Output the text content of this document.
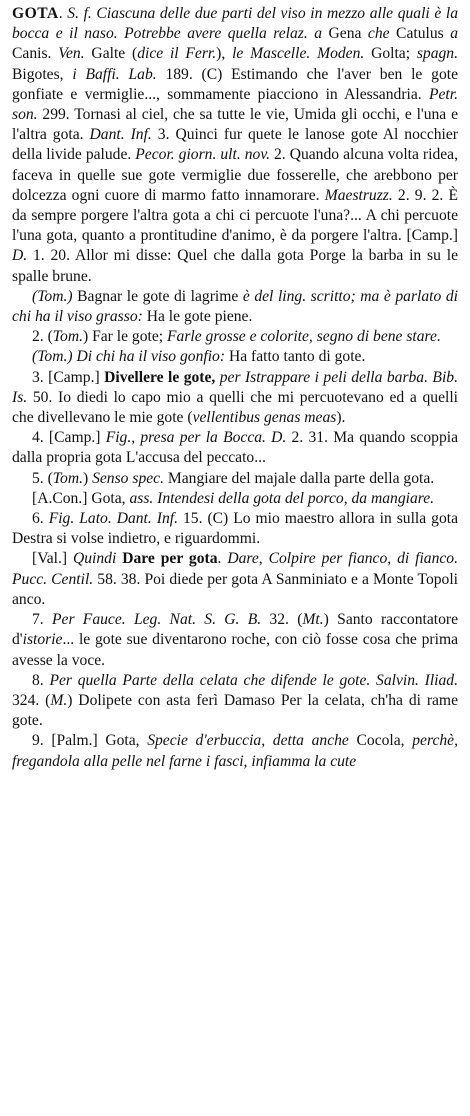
GOTA. S. f. Ciascuna delle due parti del viso in mezzo alle quali è la bocca e il naso. Potrebbe avere quella relaz. a Gena che Catulus a Canis. Ven. Galte (dice il Ferr.), le Mascelle. Moden. Golta; spagn. Bigotes, i Baffi. Lab. 189. (C) Estimando che l'aver ben le gote gonfiate e vermiglie..., sommamente piacciono in Alessandria. Petr. son. 299. Tornasi al ciel, che sa tutte le vie, Umida gli occhi, e l'una e l'altra gota. Dant. Inf. 3. Quinci fur quete le lanose gote Al nocchier della livide palude. Pecor. giorn. ult. nov. 2. Quando alcuna volta ridea, faceva in quelle sue gote vermiglie due fosserelle, che arebbono per dolcezza ogni cuore di marmo fatto innamorare. Maestruzz. 2. 9. 2. È da sempre porgere l'altra gota a chi ci percuote l'una?... A chi percuote l'una gota, quanto a prontitudine d'animo, è da porgere l'altra. [Camp.] D. 1. 20. Allor mi disse: Quel che dalla gota Porge la barba in su le spalle brune.

(Tom.) Bagnar le gote di lagrime è del ling. scritto; ma è parlato di chi ha il viso grasso: Ha le gote piene.

2. (Tom.) Far le gote; Farle grosse e colorite, segno di bene stare.

(Tom.) Di chi ha il viso gonfio: Ha fatto tanto di gote.

3. [Camp.] Divellere le gote, per Istrappare i peli della barba. Bib. Is. 50. Io diedi lo capo mio a quelli che mi percuotevano ed a quelli che divellevano le mie gote (vellentibus genas meas).

4. [Camp.] Fig., presa per la Bocca. D. 2. 31. Ma quando scoppia dalla propria gota L'accusa del peccato...

5. (Tom.) Senso spec. Mangiare del majale dalla parte della gota.

[A.Con.] Gota, ass. Intendesi della gota del porco, da mangiare.

6. Fig. Lato. Dant. Inf. 15. (C) Lo mio maestro allora in sulla gota Destra si volse indietro, e riguardommi.

[Val.] Quindi Dare per gota. Dare, Colpire per fianco, di fianco. Pucc. Centil. 58. 38. Poi diede per gota A Sanminiato e a Monte Topoli anco.

7. Per Fauce. Leg. Nat. S. G. B. 32. (Mt.) Santo raccontatore d'istorie... le gote sue diventarono roche, con ciò fosse cosa che prima avesse la voce.

8. Per quella Parte della celata che difende le gote. Salvin. Iliad. 324. (M.) Dolipete con asta ferì Damaso Per la celata, ch'ha di rame gote.

9. [Palm.] Gota, Specie d'erbuccia, detta anche Cocola, perchè, fregandola alla pelle nel farne i fasci, infiamma la cute
